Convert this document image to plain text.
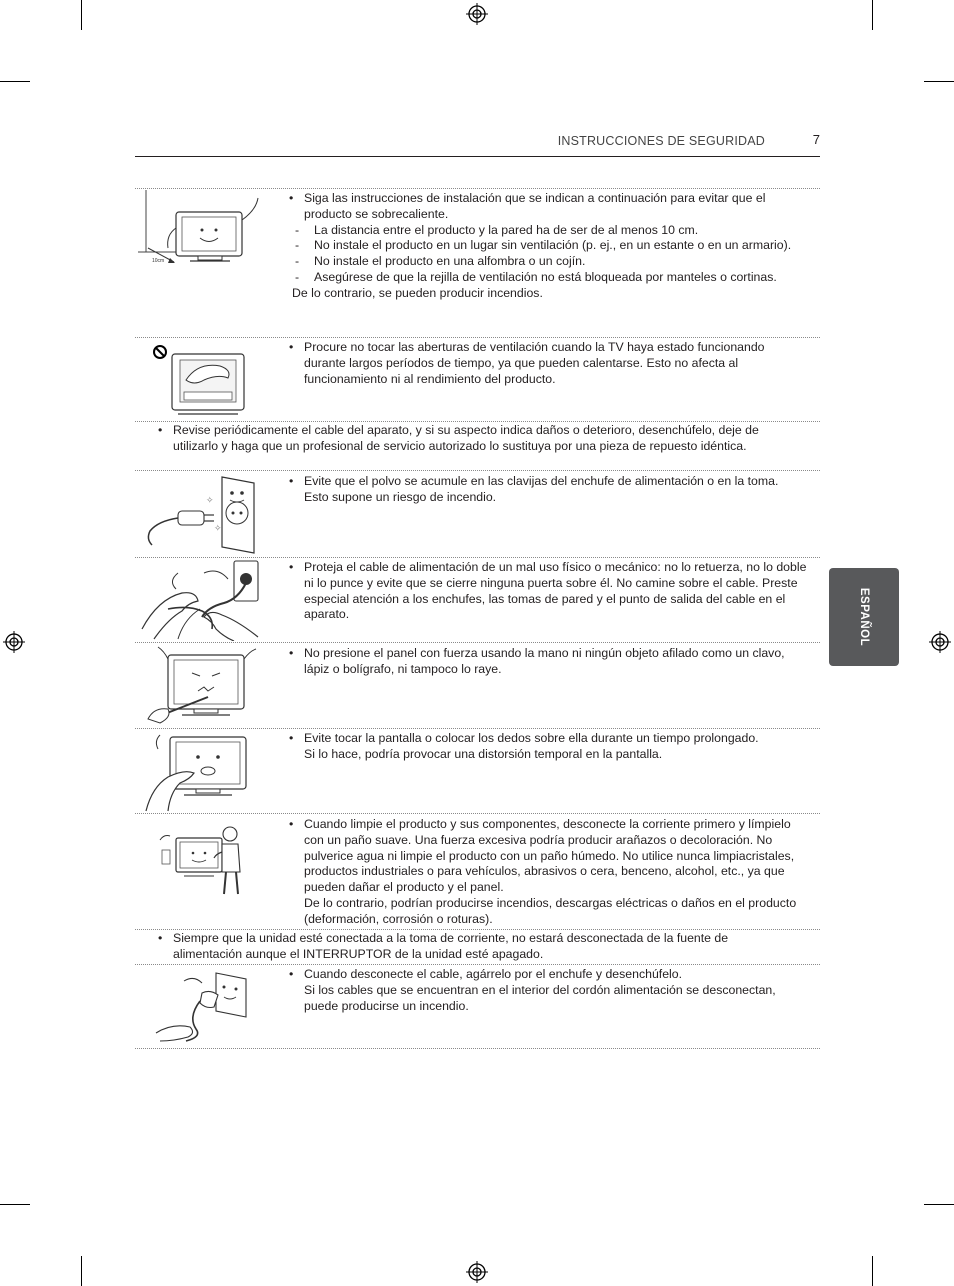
INSTRUCCIONES DE SEGURIDAD	7
ESPAÑOL
10cm

• Siga las instrucciones de instalación que se indican a continuación para evitar que el producto se sobrecaliente.

- La distancia entre el producto y la pared ha de ser de al menos 10 cm.

- No instale el producto en un lugar sin ventilación (p. ej., en un estante o en un armario).

- No instale el producto en una alfombra o un cojín.

- Asegúrese de que la rejilla de ventilación no está bloqueada por manteles o cortinas.

De lo contrario, se pueden producir incendios.

• Procure no tocar las aberturas de ventilación cuando la TV haya estado funcionando durante largos períodos de tiempo, ya que pueden calentarse. Esto no afecta al funcionamiento ni al rendimiento del producto.

• Revise periódicamente el cable del aparato, y si su aspecto indica daños o deterioro, desenchúfelo, deje de utilizarlo y haga que un profesional de servicio autorizado lo sustituya por una pieza de repuesto idéntica.

✧
✧

• Evite que el polvo se acumule en las clavijas del enchufe de alimentación o en la toma.

Esto supone un riesgo de incendio.

• Proteja el cable de alimentación de un mal uso físico o mecánico: no lo retuerza, no lo doble ni lo punce y evite que se cierre ninguna puerta sobre él. No camine sobre el cable. Preste especial atención a los enchufes, las tomas de pared y el punto de salida del cable en el aparato.

• No presione el panel con fuerza usando la mano ni ningún objeto afilado como un clavo, lápiz o bolígrafo, ni tampoco lo raye.

• Evite tocar la pantalla o colocar los dedos sobre ella durante un tiempo prolongado.

Si lo hace, podría provocar una distorsión temporal en la pantalla.

• Cuando limpie el producto y sus componentes, desconecte la corriente primero y límpielo con un paño suave. Una fuerza excesiva podría producir arañazos o decoloración. No pulverice agua ni limpie el producto con un paño húmedo. No utilice nunca limpiacristales, productos industriales o para vehículos, abrasivos o cera, benceno, alcohol, etc., ya que pueden dañar el producto y el panel.

De lo contrario, podrían producirse incendios, descargas eléctricas o daños en el producto (deformación, corrosión o roturas).

• Siempre que la unidad esté conectada a la toma de corriente, no estará desconectada de la fuente de alimentación aunque el INTERRUPTOR de la unidad esté apagado.

• Cuando desconecte el cable, agárrelo por el enchufe y desenchúfelo.

Si los cables que se encuentran en el interior del cordón alimentación se desconectan, puede producirse un incendio.
